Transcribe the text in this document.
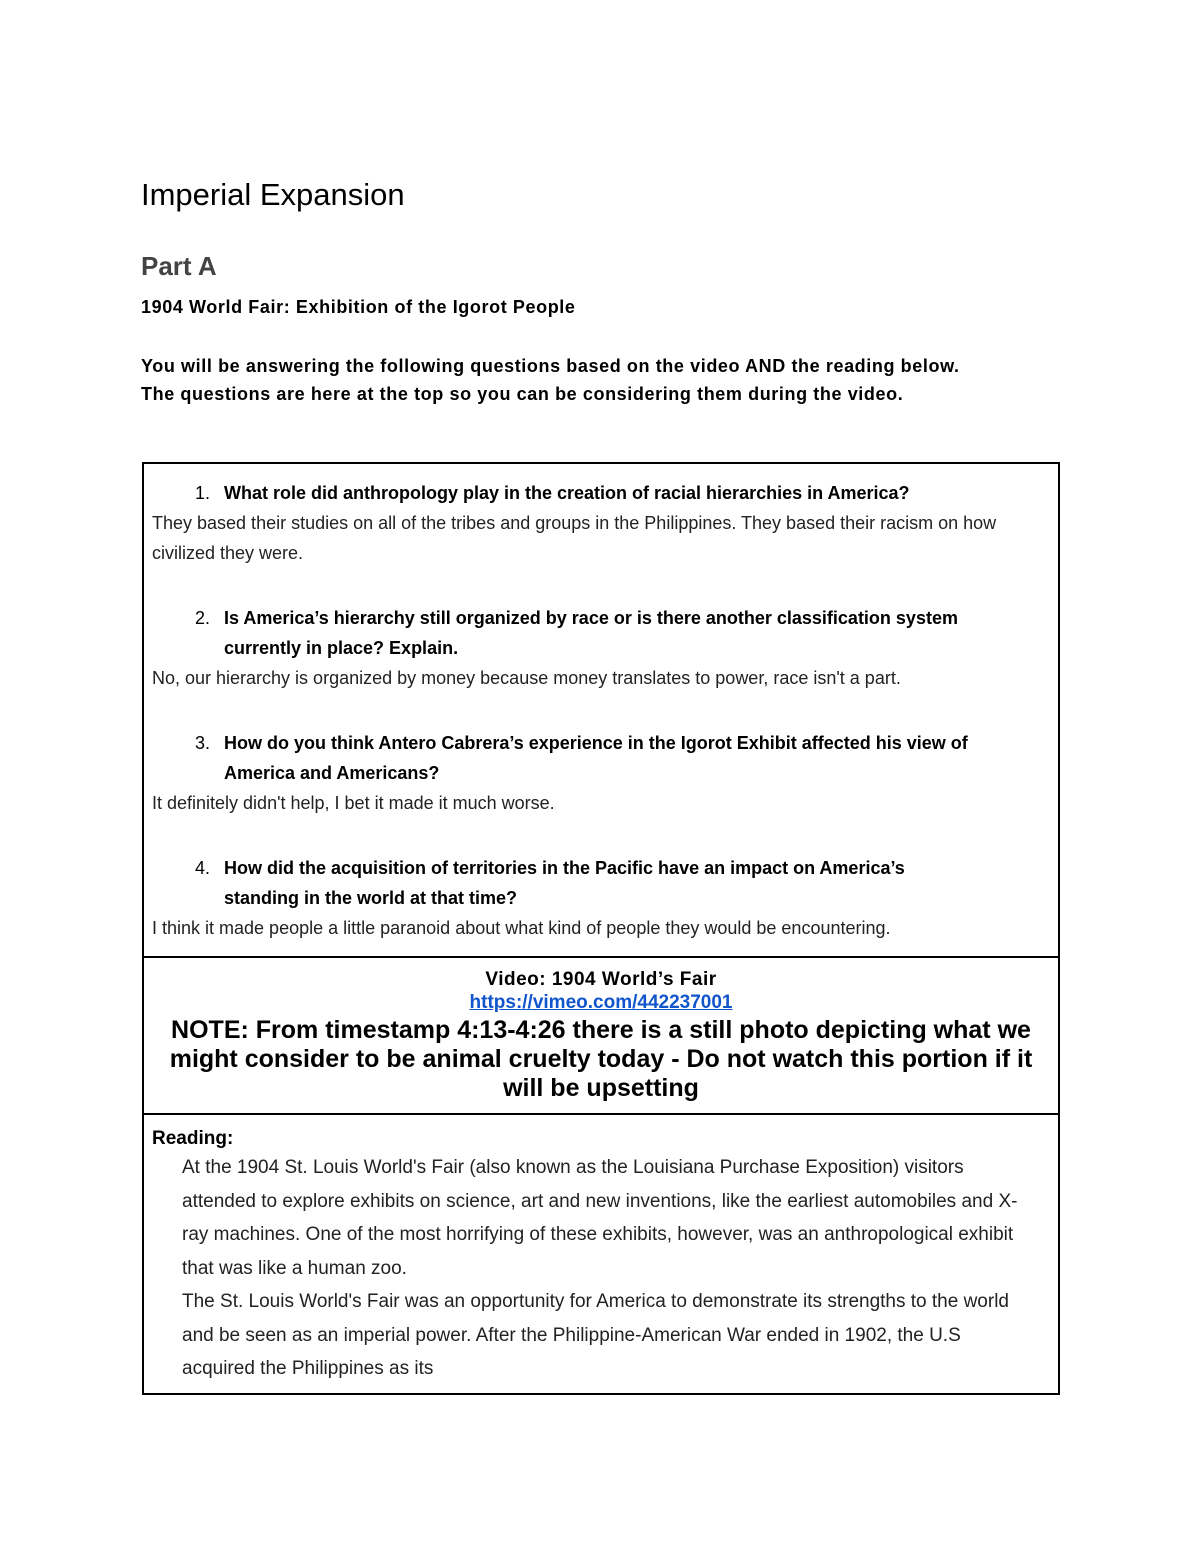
Imperial Expansion
Part A
1904 World Fair: Exhibition of the Igorot People

You will be answering the following questions based on the video AND the reading below.

The questions are here at the top so you can be considering them during the video.

1. What role did anthropology play in the creation of racial hierarchies in America?
They based their studies on all of the tribes and groups in the Philippines. They based their racism on how civilized they were.
2. Is America’s hierarchy still organized by race or is there another classification system currently in place? Explain.
No, our hierarchy is organized by money because money translates to power, race isn't a part.
3. How do you think Antero Cabrera’s experience in the Igorot Exhibit affected his view of America and Americans?
It definitely didn't help, I bet it made it much worse.
4. How did the acquisition of territories in the Pacific have an impact on America’s standing in the world at that time?
I think it made people a little paranoid about what kind of people they would be encountering.
Video: 1904 World’s Fair
https://vimeo.com/442237001
NOTE: From timestamp 4:13-4:26 there is a still photo depicting what we might consider to be animal cruelty today - Do not watch this portion if it will be upsetting
Reading:

At the 1904 St. Louis World's Fair (also known as the Louisiana Purchase Exposition) visitors attended to explore exhibits on science, art and new inventions, like the earliest automobiles and X-ray machines. One of the most horrifying of these exhibits, however, was an anthropological exhibit that was like a human zoo.

The St. Louis World's Fair was an opportunity for America to demonstrate its strengths to the world and be seen as an imperial power. After the Philippine-American War ended in 1902, the U.S acquired the Philippines as its
